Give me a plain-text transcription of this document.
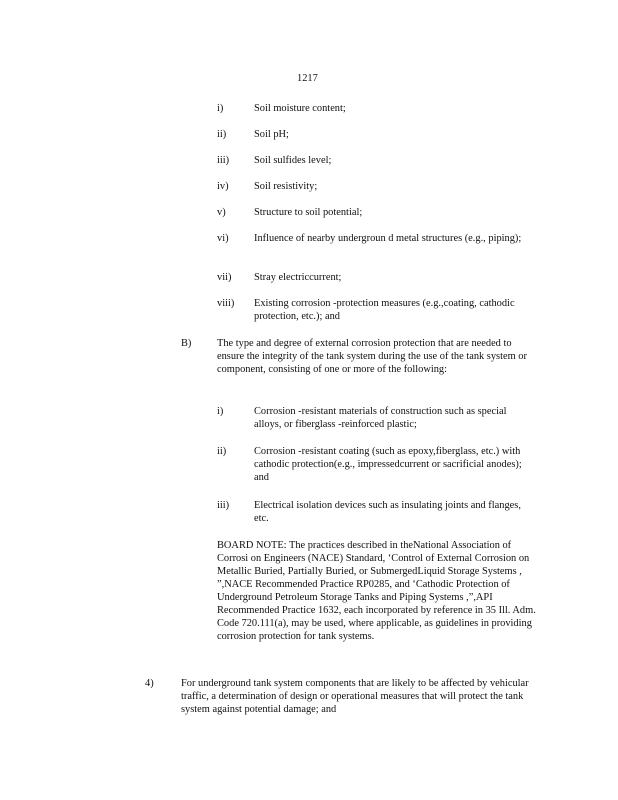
1217
i)	Soil moisture content;
ii)	Soil pH;
iii) Soil sulfides level;
iv) Soil resistivity;
v)	Structure to soil potential;
vi) Influence of nearby undergroun d metal structures (e.g., piping);
vii) Stray electriccurrent;
viii) Existing corrosion -protection measures (e.g.,coating, cathodic protection, etc.); and
B) The type and degree of external corrosion protection that are needed to ensure the integrity of the tank system during the use of the tank system or component, consisting of one or more of the following:
i)	Corrosion -resistant materials of construction such as special alloys, or fiberglass -reinforced plastic;
ii)	Corrosion -resistant coating (such as epoxy,fiberglass, etc.) with cathodic protection(e.g., impressedcurrent or sacrificial anodes); and
iii) Electrical isolation devices such as insulating joints and flanges, etc.
BOARD NOTE: The practices described in theNational Association of Corrosi on Engineers (NACE) Standard, ‘Control of External Corrosion on Metallic Buried, Partially Buried, or SubmergedLiquid Storage Systems , ”,NACE Recommended Practice RP0285, and ‘Cathodic Protection of Underground Petroleum Storage Tanks and Piping Systems ,”,API Recommended Practice 1632, each incorporated by reference in 35 Ill. Adm. Code 720.111(a), may be used, where applicable, as guidelines in providing corrosion protection for tank systems.
4)	For underground tank system components that are likely to be affected by vehicular traffic, a determination of design or operational measures that will protect the tank system against potential damage; and
